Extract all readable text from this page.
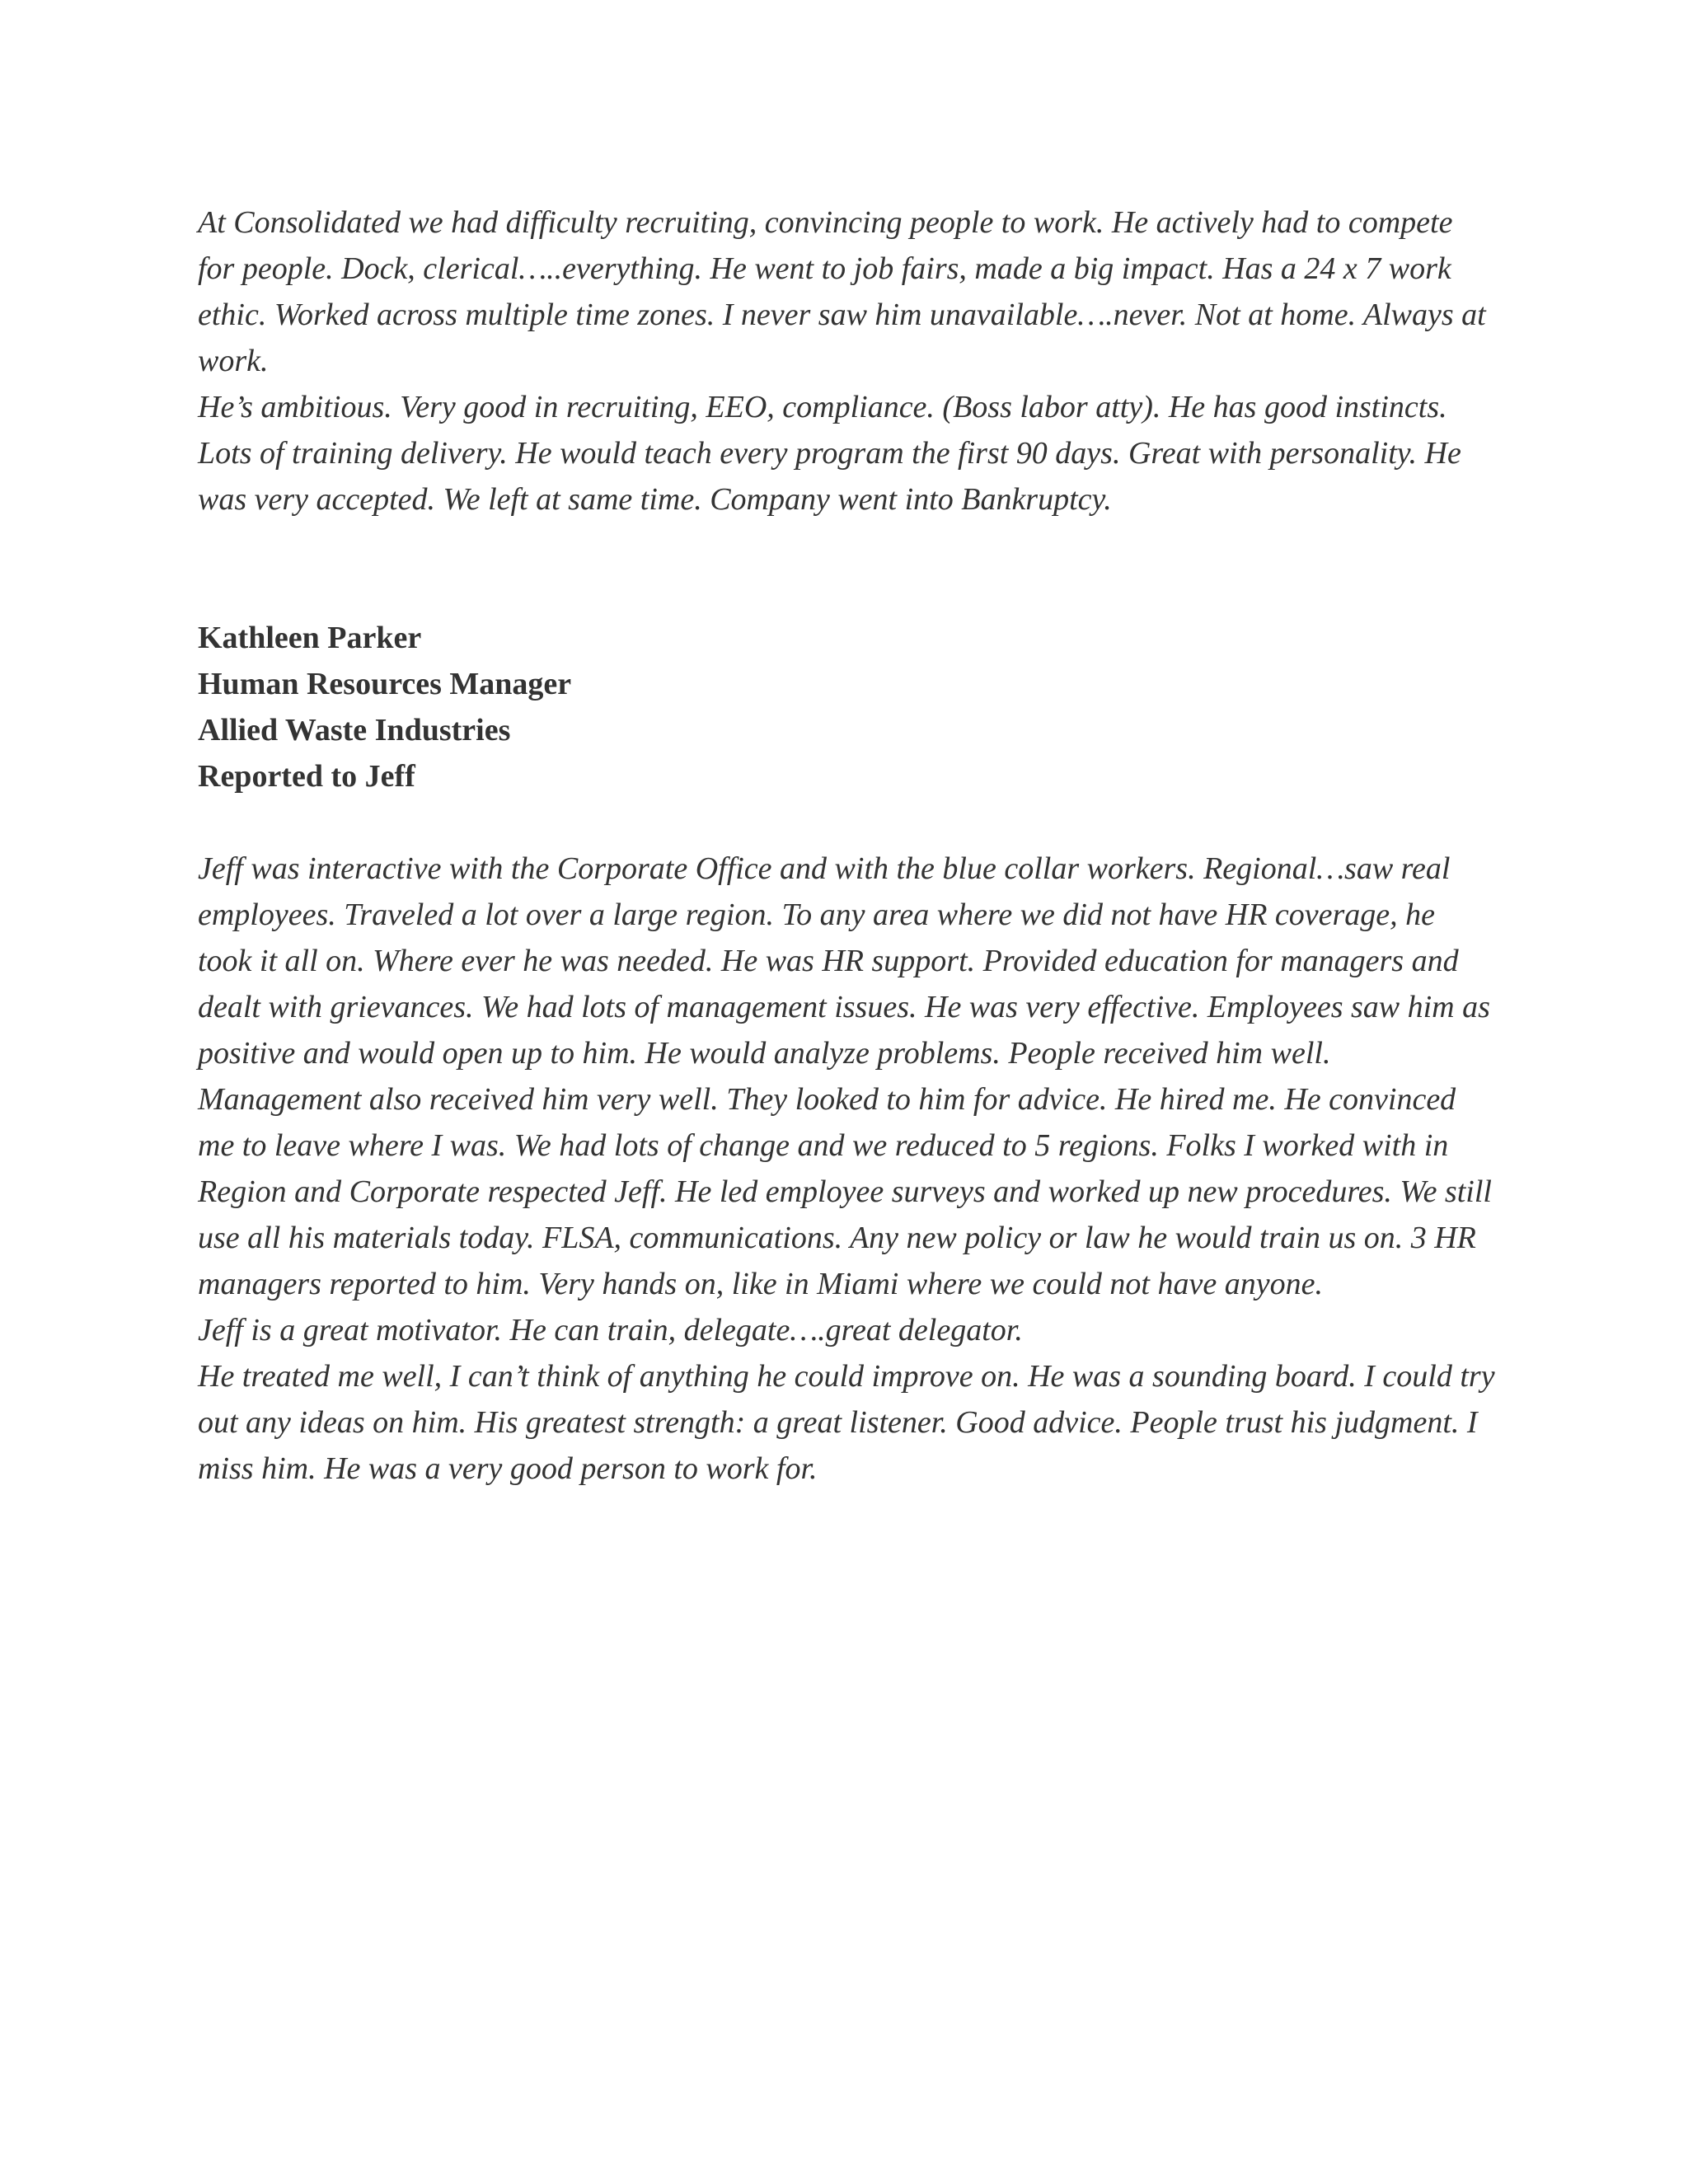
At Consolidated we had difficulty recruiting, convincing people to work. He actively had to compete for people. Dock, clerical…..everything. He went to job fairs, made a big impact. Has a 24 x 7 work ethic. Worked across multiple time zones. I never saw him unavailable….never. Not at home. Always at work.

He’s ambitious. Very good in recruiting, EEO, compliance. (Boss labor atty). He has good instincts. Lots of training delivery. He would teach every program the first 90 days. Great with personality. He was very accepted. We left at same time. Company went into Bankruptcy.

Kathleen Parker

Human Resources Manager

Allied Waste Industries

Reported to Jeff

Jeff was interactive with the Corporate Office and with the blue collar workers. Regional…saw real employees. Traveled a lot over a large region. To any area where we did not have HR coverage, he took it all on. Where ever he was needed. He was HR support. Provided education for managers and dealt with grievances. We had lots of management issues. He was very effective. Employees saw him as positive and would open up to him. He would analyze problems. People received him well.

Management also received him very well. They looked to him for advice. He hired me. He convinced me to leave where I was. We had lots of change and we reduced to 5 regions. Folks I worked with in Region and Corporate respected Jeff. He led employee surveys and worked up new procedures. We still use all his materials today. FLSA, communications. Any new policy or law he would train us on. 3 HR managers reported to him. Very hands on, like in Miami where we could not have anyone.

Jeff is a great motivator. He can train, delegate….great delegator.

He treated me well, I can’t think of anything he could improve on. He was a sounding board. I could try out any ideas on him. His greatest strength: a great listener. Good advice. People trust his judgment. I miss him. He was a very good person to work for.
